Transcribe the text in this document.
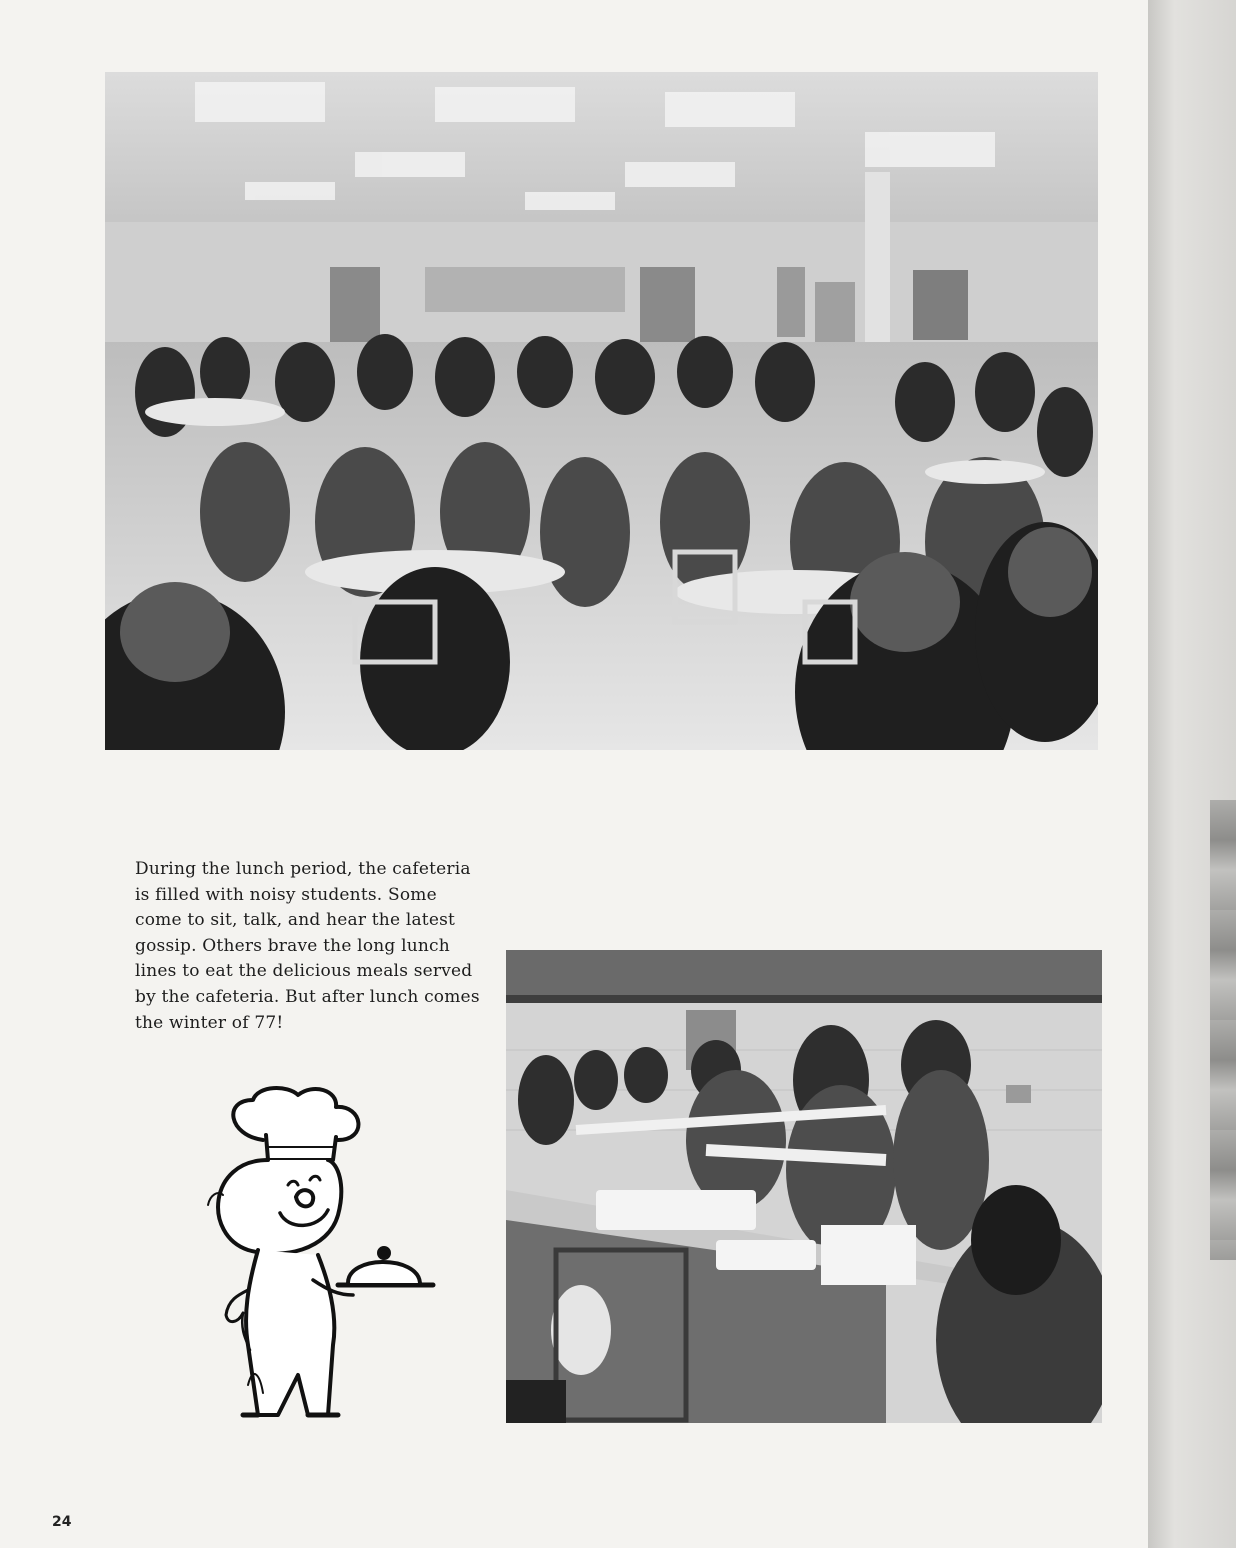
During the lunch period, the cafeteria
is filled with noisy students. Some
come to sit, talk, and hear the latest
gossip. Others brave the long lunch
lines to eat the delicious meals served
by the cafeteria. But after lunch comes
the winter of 77!
24
